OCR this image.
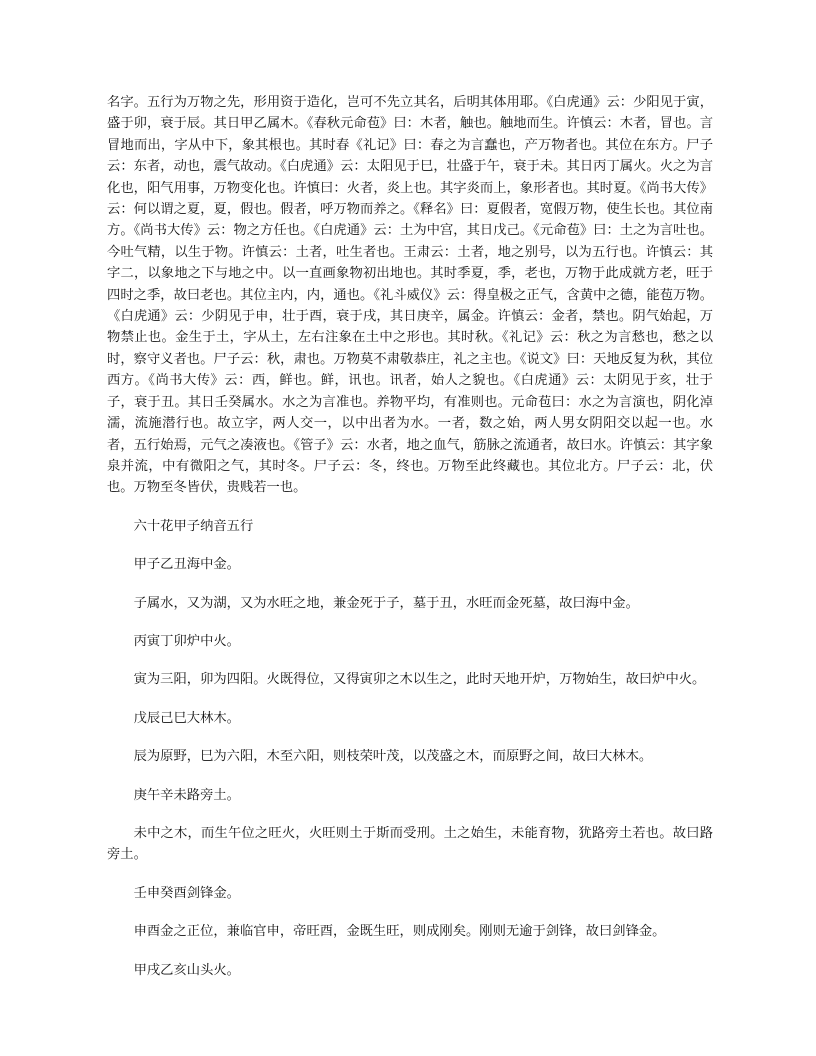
名字。五行为万物之先，形用资于造化，岂可不先立其名，后明其体用耶。《白虎通》云：少阳见于寅，盛于卯，衰于辰。其日甲乙属木。《春秋元命苞》曰：木者，触也。触地而生。许慎云：木者，冒也。言冒地而出，字从中下，象其根也。其时春《礼记》曰：春之为言蠢也，产万物者也。其位在东方。尸子云：东者，动也，震气故动。《白虎通》云：太阳见于巳，壮盛于午，衰于未。其日丙丁属火。火之为言化也，阳气用事，万物变化也。许慎曰：火者，炎上也。其字炎而上，象形者也。其时夏。《尚书大传》云：何以谓之夏，夏，假也。假者，呼万物而养之。《释名》曰：夏假者，宽假万物，使生长也。其位南方。《尚书大传》云：物之方任也。《白虎通》云：土为中宫，其日戊己。《元命苞》曰：土之为言吐也。今吐气精，以生于物。许慎云：土者，吐生者也。王肃云：土者，地之别号，以为五行也。许慎云：其字二，以象地之下与地之中。以一直画象物初出地也。其时季夏，季，老也，万物于此成就方老，旺于四时之季，故曰老也。其位主内，内，通也。《礼斗威仪》云：得皇极之正气，含黄中之德，能苞万物。《白虎通》云：少阴见于申，壮于酉，衰于戌，其日庚辛，属金。许慎云：金者，禁也。阴气始起，万物禁止也。金生于土，字从土，左右注象在土中之形也。其时秋。《礼记》云：秋之为言愁也，愁之以时，察守义者也。尸子云：秋，肃也。万物莫不肃敬恭庄，礼之主也。《说文》曰：天地反复为秋，其位西方。《尚书大传》云：西，鲜也。鲜，讯也。讯者，始人之貌也。《白虎通》云：太阴见于亥，壮于子，衰于丑。其日壬癸属水。水之为言准也。养物平均，有准则也。元命苞曰：水之为言演也，阴化淖濡，流施潜行也。故立字，两人交一，以中出者为水。一者，数之始，两人男女阴阳交以起一也。水者，五行始焉，元气之凑液也。《管子》云：水者，地之血气，筋脉之流通者，故曰水。许慎云：其字象泉并流，中有微阳之气，其时冬。尸子云：冬，终也。万物至此终藏也。其位北方。尸子云：北，伏也。万物至冬皆伏，贵贱若一也。

六十花甲子纳音五行

甲子乙丑海中金。

子属水，又为湖，又为水旺之地，兼金死于子，墓于丑，水旺而金死墓，故曰海中金。

丙寅丁卯炉中火。

寅为三阳，卯为四阳。火既得位，又得寅卯之木以生之，此时天地开炉，万物始生，故曰炉中火。

戊辰己巳大林木。

辰为原野，巳为六阳，木至六阳，则枝荣叶茂，以茂盛之木，而原野之间，故曰大林木。

庚午辛未路旁土。

未中之木，而生午位之旺火，火旺则土于斯而受刑。土之始生，未能育物，犹路旁土若也。故曰路旁土。

壬申癸酉剑锋金。

申酉金之正位，兼临官申，帝旺酉，金既生旺，则成刚矣。刚则无逾于剑锋，故曰剑锋金。

甲戌乙亥山头火。
